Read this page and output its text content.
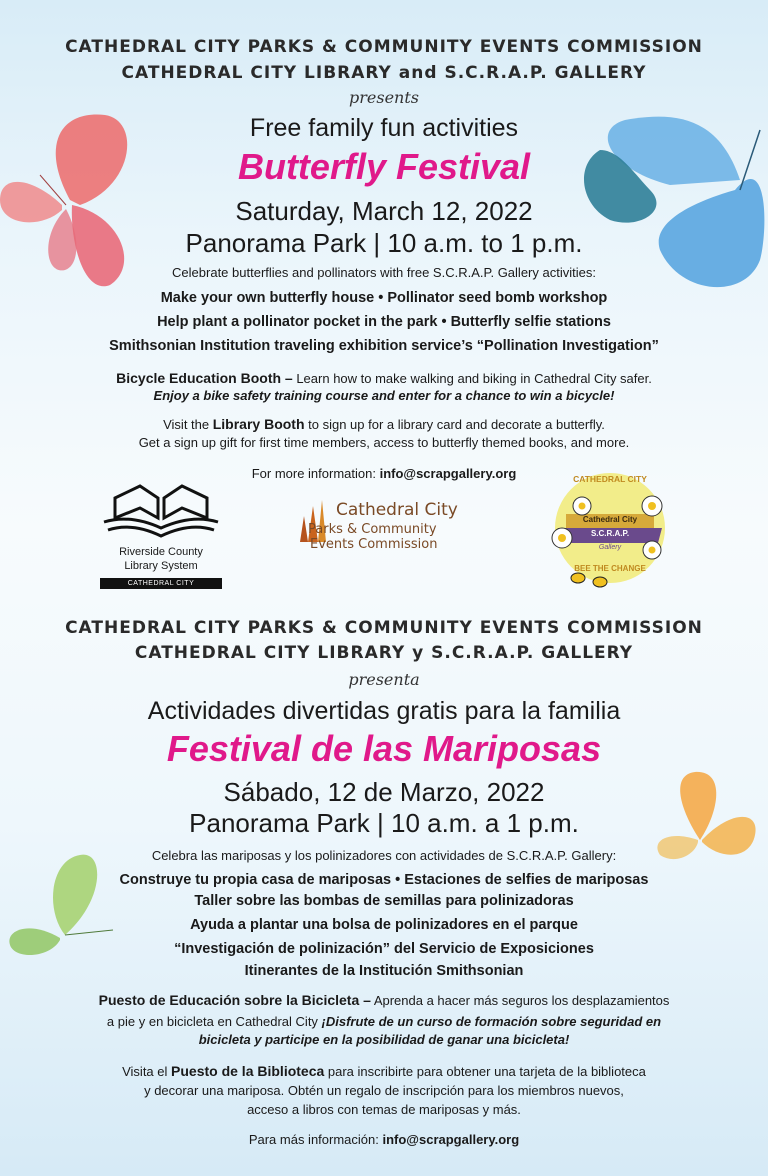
CATHEDRAL CITY PARKS & COMMUNITY EVENTS COMMISSION
CATHEDRAL CITY LIBRARY and S.C.R.A.P. GALLERY
presents
Free family fun activities
Butterfly Festival
Saturday, March 12, 2022
Panorama Park | 10 a.m. to 1 p.m.
Celebrate butterflies and pollinators with free S.C.R.A.P. Gallery activities:
Make your own butterfly house • Pollinator seed bomb workshop
Help plant a pollinator pocket in the park • Butterfly selfie stations
Smithsonian Institution traveling exhibition service’s “Pollination Investigation”
Bicycle Education Booth – Learn how to make walking and biking in Cathedral City safer.
Enjoy a bike safety training course and enter for a chance to win a bicycle!
Visit the Library Booth to sign up for a library card and decorate a butterfly.
Get a sign up gift for first time members, access to butterfly themed books, and more.
For more information: info@scrapgallery.org
Riverside County
Library System
CATHEDRAL CITY
Cathedral City
Parks & Community
Events Commission
CATHEDRAL CITY
Cathedral City
S.C.R.A.P.
Gallery
BEE THE CHANGE
CATHEDRAL CITY PARKS & COMMUNITY EVENTS COMMISSION
CATHEDRAL CITY LIBRARY y S.C.R.A.P. GALLERY
presenta
Actividades divertidas gratis para la familia
Festival de las Mariposas
Sábado, 12 de Marzo, 2022
Panorama Park | 10 a.m. a 1 p.m.
Celebra las mariposas y los polinizadores con actividades de S.C.R.A.P. Gallery:
Construye tu propia casa de mariposas • Estaciones de selfies de mariposas
Taller sobre las bombas de semillas para polinizadoras
Ayuda a plantar una bolsa de polinizadores en el parque
“Investigación de polinización” del Servicio de Exposiciones
Itinerantes de la Institución Smithsonian
Puesto de Educación sobre la Bicicleta – Aprenda a hacer más seguros los desplazamientos
a pie y en bicicleta en Cathedral City ¡Disfrute de un curso de formación sobre seguridad en
bicicleta y participe en la posibilidad de ganar una bicicleta!
Visita el Puesto de la Biblioteca para inscribirte para obtener una tarjeta de la biblioteca
y decorar una mariposa. Obtén un regalo de inscripción para los miembros nuevos,
acceso a libros con temas de mariposas y más.
Para más información: info@scrapgallery.org
